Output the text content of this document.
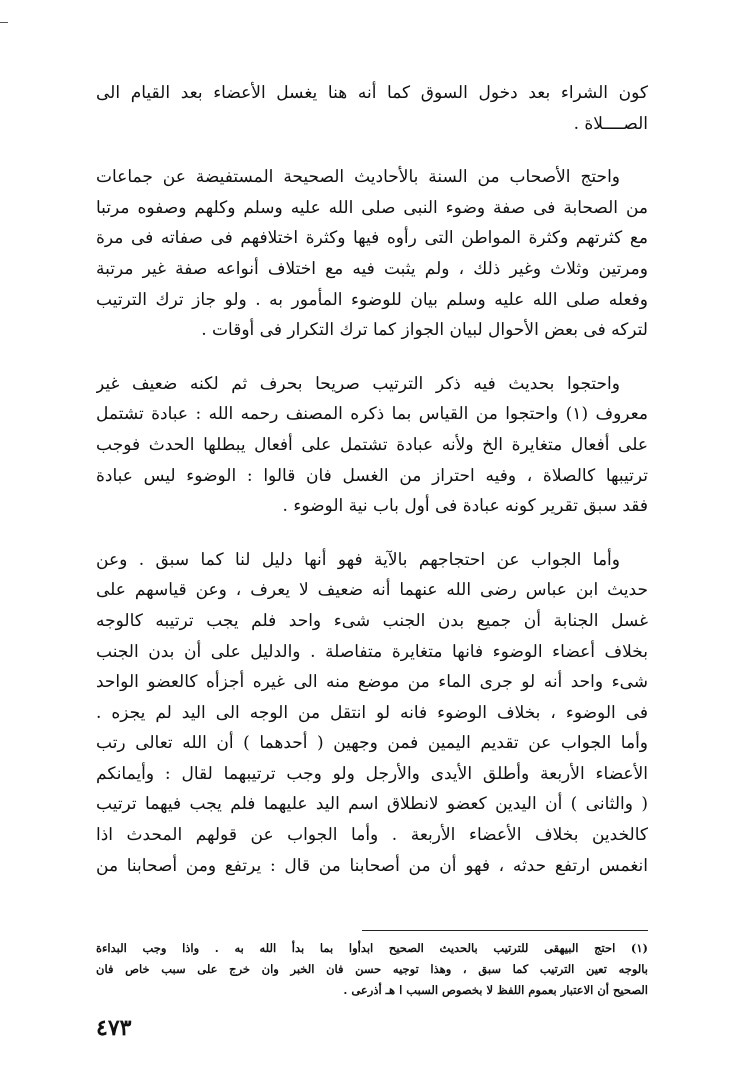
كون الشراء بعد دخول السوق كما أنه هنا يغسل الأعضاء بعد القيام الى
الصــــلاة .

واحتج الأصحاب من السنة بالأحاديث الصحيحة المستفيضة عن جماعات
من الصحابة فى صفة وضوء النبى صلى الله عليه وسلم وكلهم وصفوه مرتبا
مع كثرتهم وكثرة المواطن التى رأوه فيها وكثرة اختلافهم فى صفاته فى مرة
ومرتين وثلاث وغير ذلك ، ولم يثبت فيه مع اختلاف أنواعه صفة غير مرتبة
وفعله صلى الله عليه وسلم بيان للوضوء المأمور به . ولو جاز ترك الترتيب
لتركه فى بعض الأحوال لبيان الجواز كما ترك التكرار فى أوقات .

واحتجوا بحديث فيه ذكر الترتيب صريحا بحرف ثم لكنه ضعيف غير
معروف (١) واحتجوا من القياس بما ذكره المصنف رحمه الله : عبادة تشتمل
على أفعال متغايرة الخ ولأنه عبادة تشتمل على أفعال يبطلها الحدث فوجب
ترتيبها كالصلاة ، وفيه احتراز من الغسل فان قالوا : الوضوء ليس عبادة
فقد سبق تقرير كونه عبادة فى أول باب نية الوضوء .

وأما الجواب عن احتجاجهم بالآية فهو أنها دليل لنا كما سبق . وعن
حديث ابن عباس رضى الله عنهما أنه ضعيف لا يعرف ، وعن قياسهم على
غسل الجنابة أن جميع بدن الجنب شىء واحد فلم يجب ترتيبه كالوجه
بخلاف أعضاء الوضوء فانها متغايرة متفاصلة . والدليل على أن بدن الجنب
شىء واحد أنه لو جرى الماء من موضع منه الى غيره أجزأه كالعضو الواحد
فى الوضوء ، بخلاف الوضوء فانه لو انتقل من الوجه الى اليد لم يجزه .
وأما الجواب عن تقديم اليمين فمن وجهين ( أحدهما ) أن الله تعالى رتب
الأعضاء الأربعة وأطلق الأيدى والأرجل ولو وجب ترتيبهما لقال : وأيمانكم
( والثانى ) أن اليدين كعضو لانطلاق اسم اليد عليهما فلم يجب فيهما ترتيب
كالخدين بخلاف الأعضاء الأربعة . وأما الجواب عن قولهم المحدث اذا
انغمس ارتفع حدثه ، فهو أن من أصحابنا من قال : يرتفع ومن أصحابنا من

(١) احتج البيهقى للترتيب بالحديث الصحيح ابدأوا بما بدأ الله به . واذا وجب البداءة
بالوجه تعين الترتيب كما سبق ، وهذا توجيه حسن فان الخبر وان خرج على سبب خاص فان
الصحيح أن الاعتبار بعموم اللفظ لا بخصوص السبب ا هـ أذرعى .
٤٧٣
